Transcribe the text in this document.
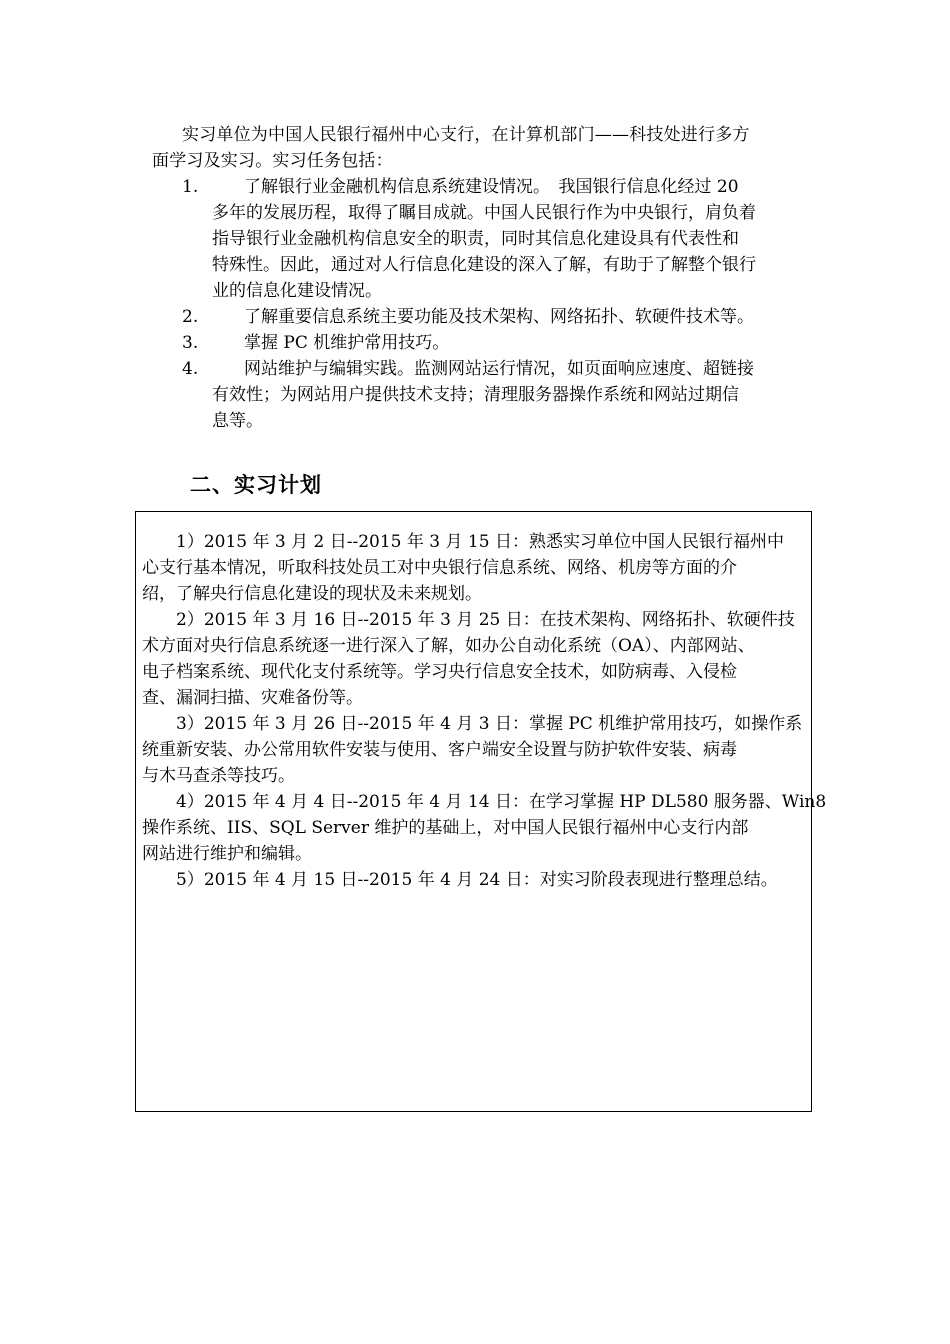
实习单位为中国人民银行福州中心支行，在计算机部门——科技处进行多方
面学习及实习。实习任务包括：
1.	了解银行业金融机构信息系统建设情况。　我国银行信息化经过 20
多年的发展历程，取得了瞩目成就。中国人民银行作为中央银行，肩负着
指导银行业金融机构信息安全的职责，同时其信息化建设具有代表性和
特殊性。因此，通过对人行信息化建设的深入了解，有助于了解整个银行
业的信息化建设情况。
2.	了解重要信息系统主要功能及技术架构、网络拓扑、软硬件技术等。
3.	掌握 PC 机维护常用技巧。
4.	网站维护与编辑实践。监测网站运行情况，如页面响应速度、超链接
有效性；为网站用户提供技术支持；清理服务器操作系统和网站过期信
息等。
二、实习计划
1）2015 年 3 月 2 日--2015 年 3 月 15 日：熟悉实习单位中国人民银行福州中
心支行基本情况，听取科技处员工对中央银行信息系统、网络、机房等方面的介
绍，了解央行信息化建设的现状及未来规划。
2）2015 年 3 月 16 日--2015 年 3 月 25 日：在技术架构、网络拓扑、软硬件技
术方面对央行信息系统逐一进行深入了解，如办公自动化系统（OA）、内部网站、
电子档案系统、现代化支付系统等。学习央行信息安全技术，如防病毒、入侵检
查、漏洞扫描、灾难备份等。
3）2015 年 3 月 26 日--2015 年 4 月 3 日：掌握 PC 机维护常用技巧，如操作系
统重新安装、办公常用软件安装与使用、客户端安全设置与防护软件安装、病毒
与木马查杀等技巧。
4）2015 年 4 月 4 日--2015 年 4 月 14 日：在学习掌握 HP DL580 服务器、Win8
操作系统、IIS、SQL Server 维护的基础上，对中国人民银行福州中心支行内部
网站进行维护和编辑。
5）2015 年 4 月 15 日--2015 年 4 月 24 日：对实习阶段表现进行整理总结。
